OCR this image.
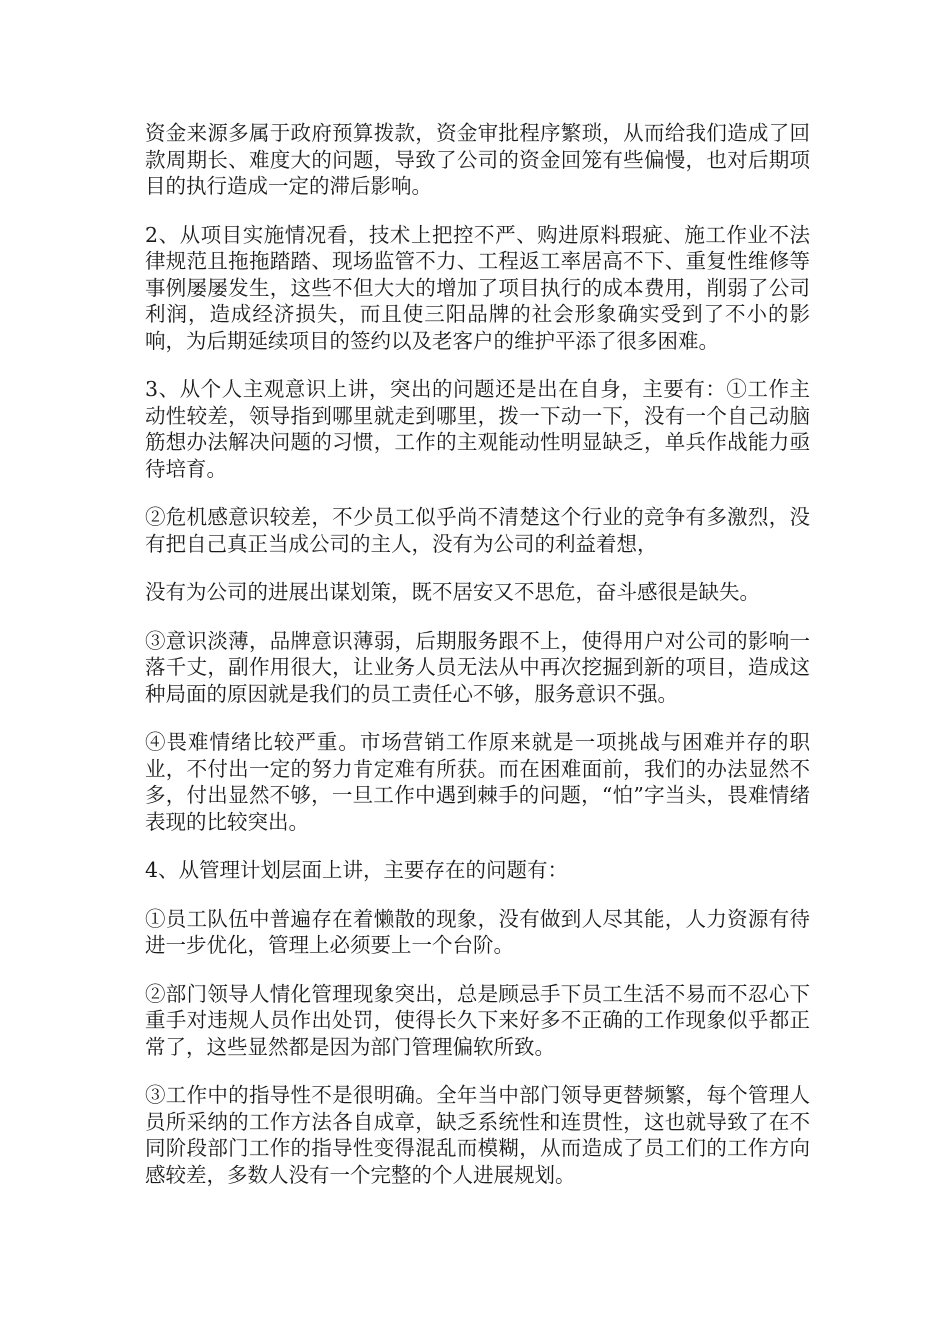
资金来源多属于政府预算拨款，资金审批程序繁琐，从而给我们造成了回款周期长、难度大的问题，导致了公司的资金回笼有些偏慢，也对后期项目的执行造成一定的滞后影响。

2、从项目实施情况看，技术上把控不严、购进原料瑕疵、施工作业不法律规范且拖拖踏踏、现场监管不力、工程返工率居高不下、重复性维修等事例屡屡发生，这些不但大大的增加了项目执行的成本费用，削弱了公司利润，造成经济损失，而且使三阳品牌的社会形象确实受到了不小的影响，为后期延续项目的签约以及老客户的维护平添了很多困难。

3、从个人主观意识上讲，突出的问题还是出在自身，主要有：①工作主动性较差，领导指到哪里就走到哪里，拨一下动一下，没有一个自己动脑筋想办法解决问题的习惯，工作的主观能动性明显缺乏，单兵作战能力亟待培育。

②危机感意识较差，不少员工似乎尚不清楚这个行业的竞争有多激烈，没有把自己真正当成公司的主人，没有为公司的利益着想，

没有为公司的进展出谋划策，既不居安又不思危，奋斗感很是缺失。

③意识淡薄，品牌意识薄弱，后期服务跟不上，使得用户对公司的影响一落千丈，副作用很大，让业务人员无法从中再次挖掘到新的项目，造成这种局面的原因就是我们的员工责任心不够，服务意识不强。

④畏难情绪比较严重。市场营销工作原来就是一项挑战与困难并存的职业，不付出一定的努力肯定难有所获。而在困难面前，我们的办法显然不多，付出显然不够，一旦工作中遇到棘手的问题，“怕”字当头，畏难情绪表现的比较突出。

4、从管理计划层面上讲，主要存在的问题有：

①员工队伍中普遍存在着懒散的现象，没有做到人尽其能，人力资源有待进一步优化，管理上必须要上一个台阶。

②部门领导人情化管理现象突出，总是顾忌手下员工生活不易而不忍心下重手对违规人员作出处罚，使得长久下来好多不正确的工作现象似乎都正常了，这些显然都是因为部门管理偏软所致。

③工作中的指导性不是很明确。全年当中部门领导更替频繁，每个管理人员所采纳的工作方法各自成章，缺乏系统性和连贯性，这也就导致了在不同阶段部门工作的指导性变得混乱而模糊，从而造成了员工们的工作方向感较差，多数人没有一个完整的个人进展规划。
